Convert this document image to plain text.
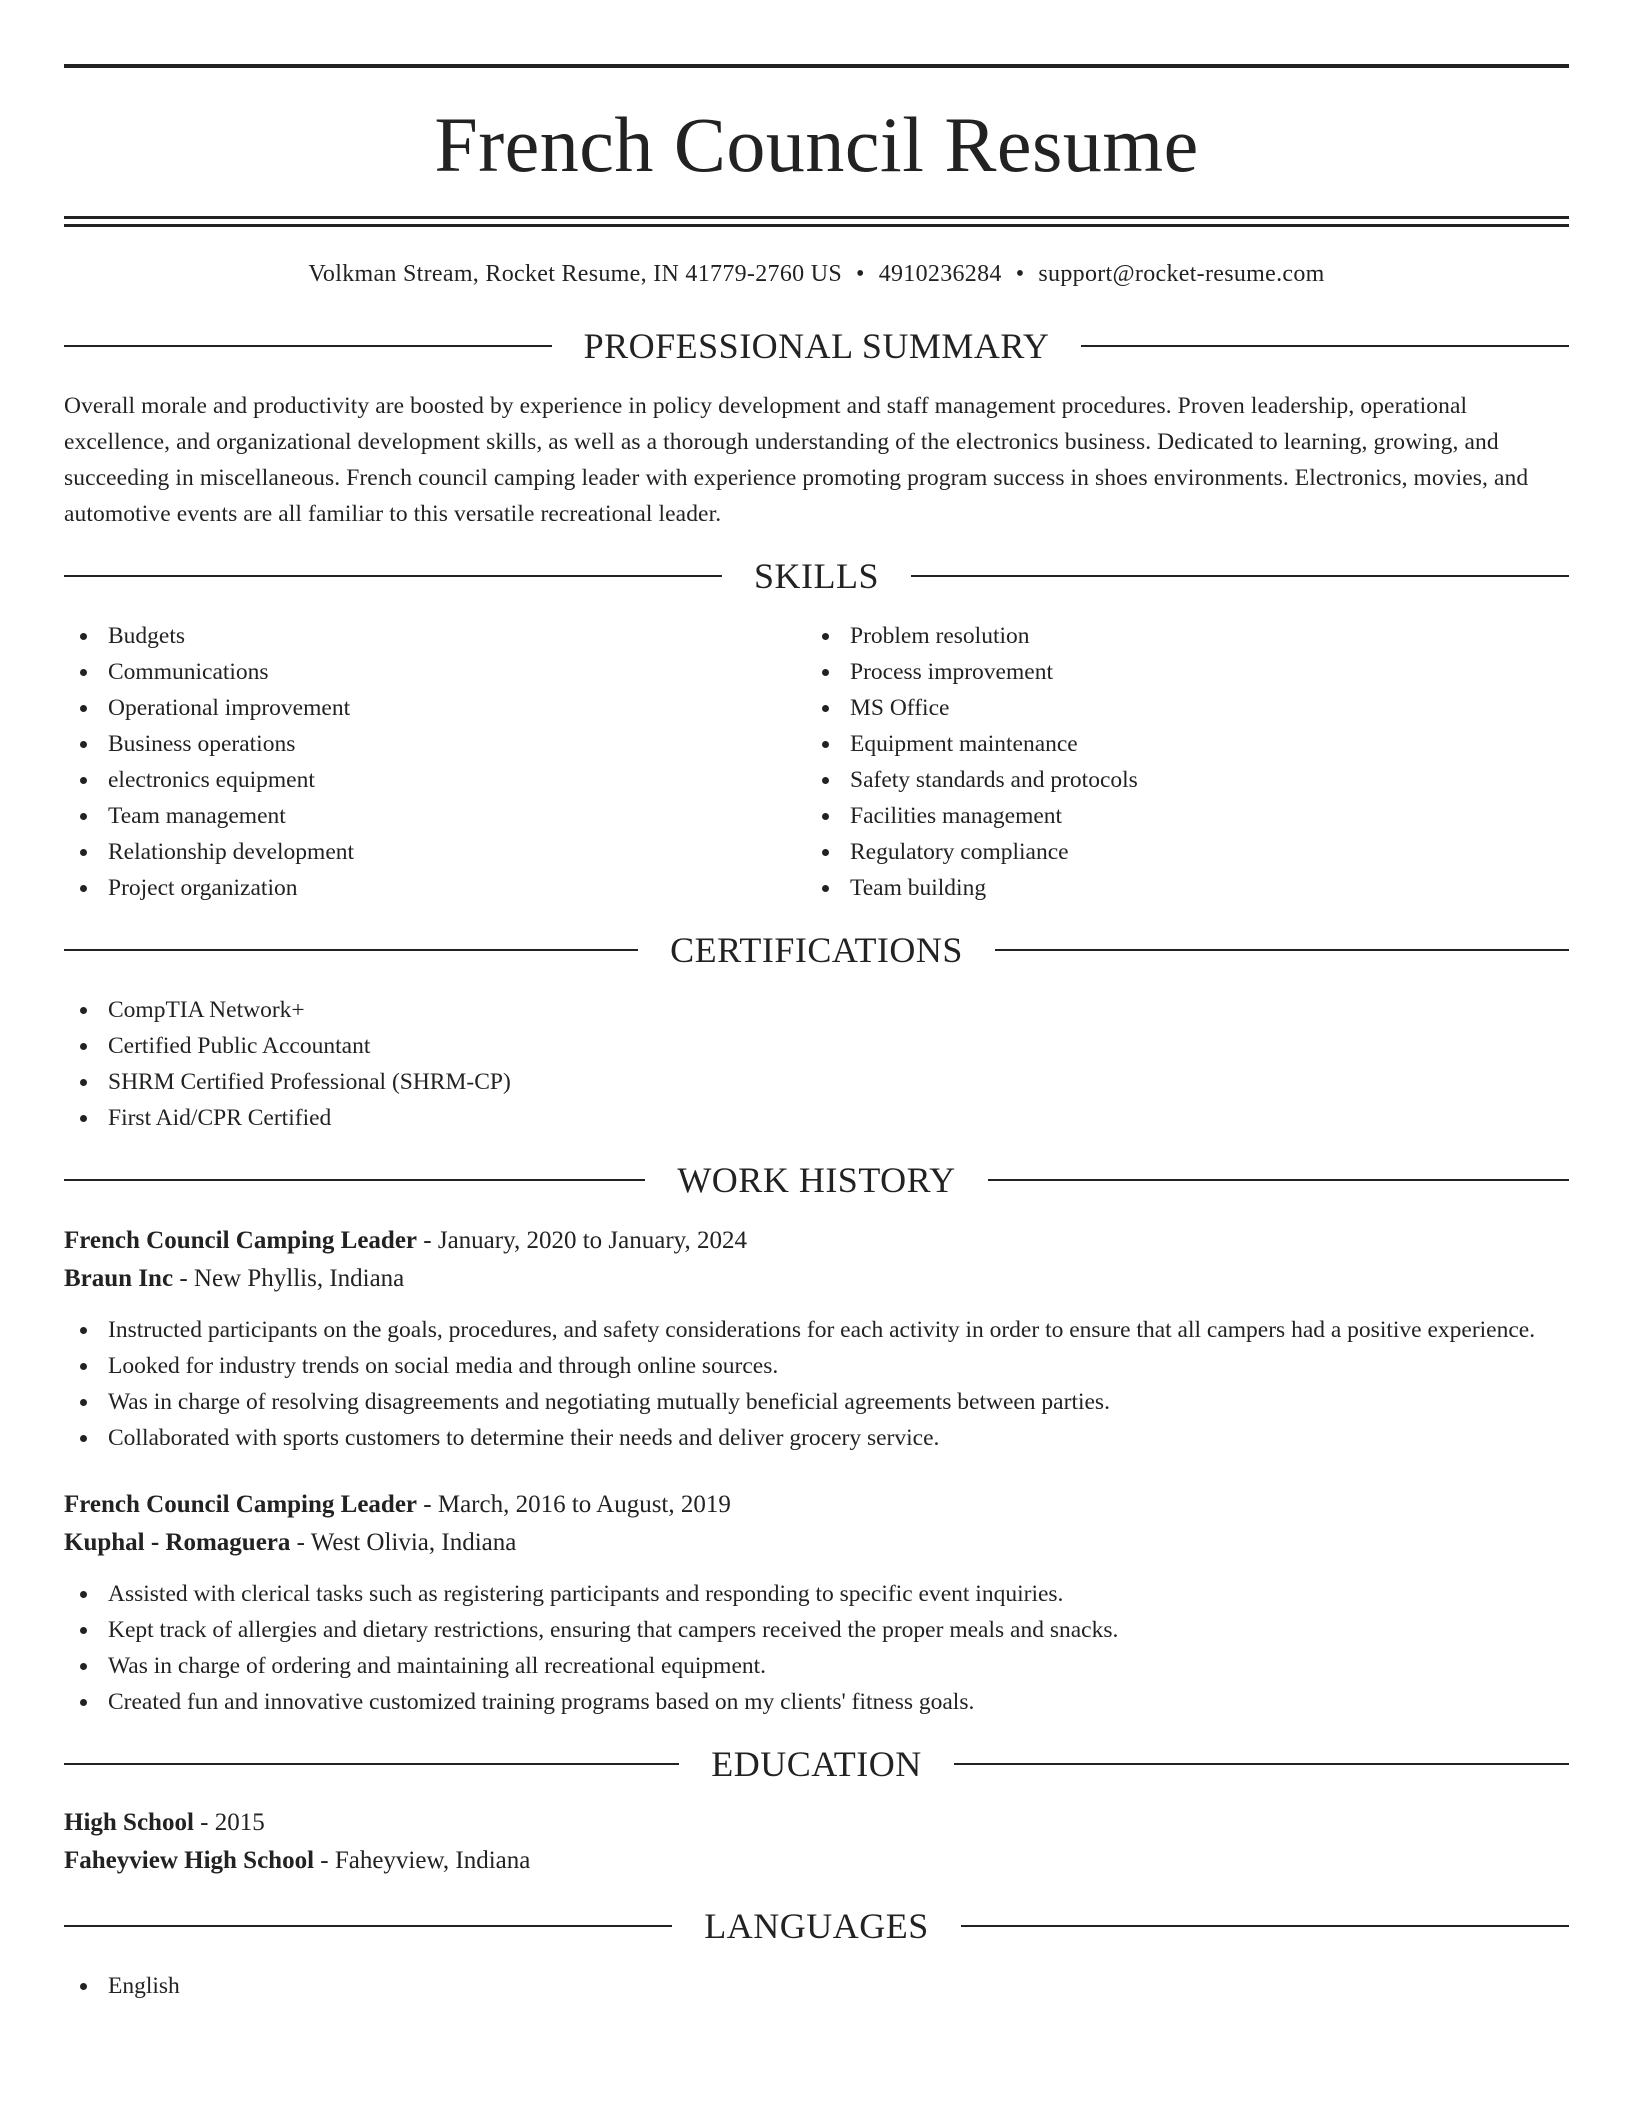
French Council Resume
Volkman Stream, Rocket Resume, IN 41779-2760 US • 4910236284 • support@rocket-resume.com
PROFESSIONAL SUMMARY

Overall morale and productivity are boosted by experience in policy development and staff management procedures. Proven leadership, operational excellence, and organizational development skills, as well as a thorough understanding of the electronics business. Dedicated to learning, growing, and succeeding in miscellaneous. French council camping leader with experience promoting program success in shoes environments. Electronics, movies, and automotive events are all familiar to this versatile recreational leader.

SKILLS
Budgets
Communications
Operational improvement
Business operations
electronics equipment
Team management
Relationship development
Project organization
Problem resolution
Process improvement
MS Office
Equipment maintenance
Safety standards and protocols
Facilities management
Regulatory compliance
Team building
CERTIFICATIONS
CompTIA Network+
Certified Public Accountant
SHRM Certified Professional (SHRM-CP)
First Aid/CPR Certified
WORK HISTORY
French Council Camping Leader - January, 2020 to January, 2024
Braun Inc - New Phyllis, Indiana
Instructed participants on the goals, procedures, and safety considerations for each activity in order to ensure that all campers had a positive experience.
Looked for industry trends on social media and through online sources.
Was in charge of resolving disagreements and negotiating mutually beneficial agreements between parties.
Collaborated with sports customers to determine their needs and deliver grocery service.
French Council Camping Leader - March, 2016 to August, 2019
Kuphal - Romaguera - West Olivia, Indiana
Assisted with clerical tasks such as registering participants and responding to specific event inquiries.
Kept track of allergies and dietary restrictions, ensuring that campers received the proper meals and snacks.
Was in charge of ordering and maintaining all recreational equipment.
Created fun and innovative customized training programs based on my clients' fitness goals.
EDUCATION
High School - 2015
Faheyview High School - Faheyview, Indiana
LANGUAGES
English
